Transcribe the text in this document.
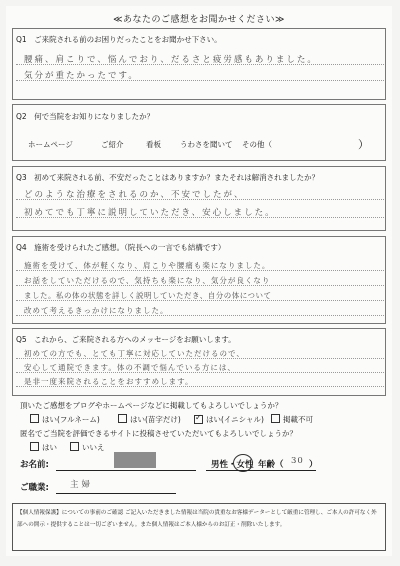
≪あなたのご感想をお聞かせください≫
Q1　ご来院される前のお困りだったことをお聞かせ下さい。
腰痛、肩こりで、悩んでおり、だるさと疲労感もありました。
気分が重たかったです。
Q2　何で当院をお知りになりましたか？
ホームページ	ご紹介	看板	うわさを聞いて その他（	）
Q3　初めて来院される前、不安だったことはありますか？またそれは解消されましたか？
どのような治療をされるのか、不安でしたが、
初めてでも丁寧に説明していただき、安心しました。
Q4　施術を受けられたご感想。（院長への一言でも結構です）
施術を受けて、体が軽くなり、肩こりや腰痛も楽になりました。
お話をしていただけるので、気持ちも楽になり、気分が良くなり
ました。私の体の状態を詳しく説明していただき、自分の体について
改めて考えるきっかけになりました。
Q5　これから、ご来院される方へのメッセージをお願いします。
初めての方でも、とても丁寧に対応していただけるので、
安心して通院できます。体の不調で悩んでいる方には、
是非一度来院されることをおすすめします。
頂いたご感想をブログやホームページなどに掲載してもよろしいでしょうか？
はい(フルネーム)	はい(苗字だけ)
✓	はい(イニシャル)	掲載不可
匿名でご当院を評価できるサイトに投稿させていただいてもよろしいでしょうか？
はい	いいえ
お名前:	男性・女性 年齢（ 30 ）
ご職業: 主婦
【個人情報保護】についての事前のご確認 ご記入いただきました情報は当院の貴重なお客様データーとして厳重に管理し、ご本人の許可なく外部への開示・提供することは一切ございません。また個人情報はご本人様からのお訂正・削除いたします。
